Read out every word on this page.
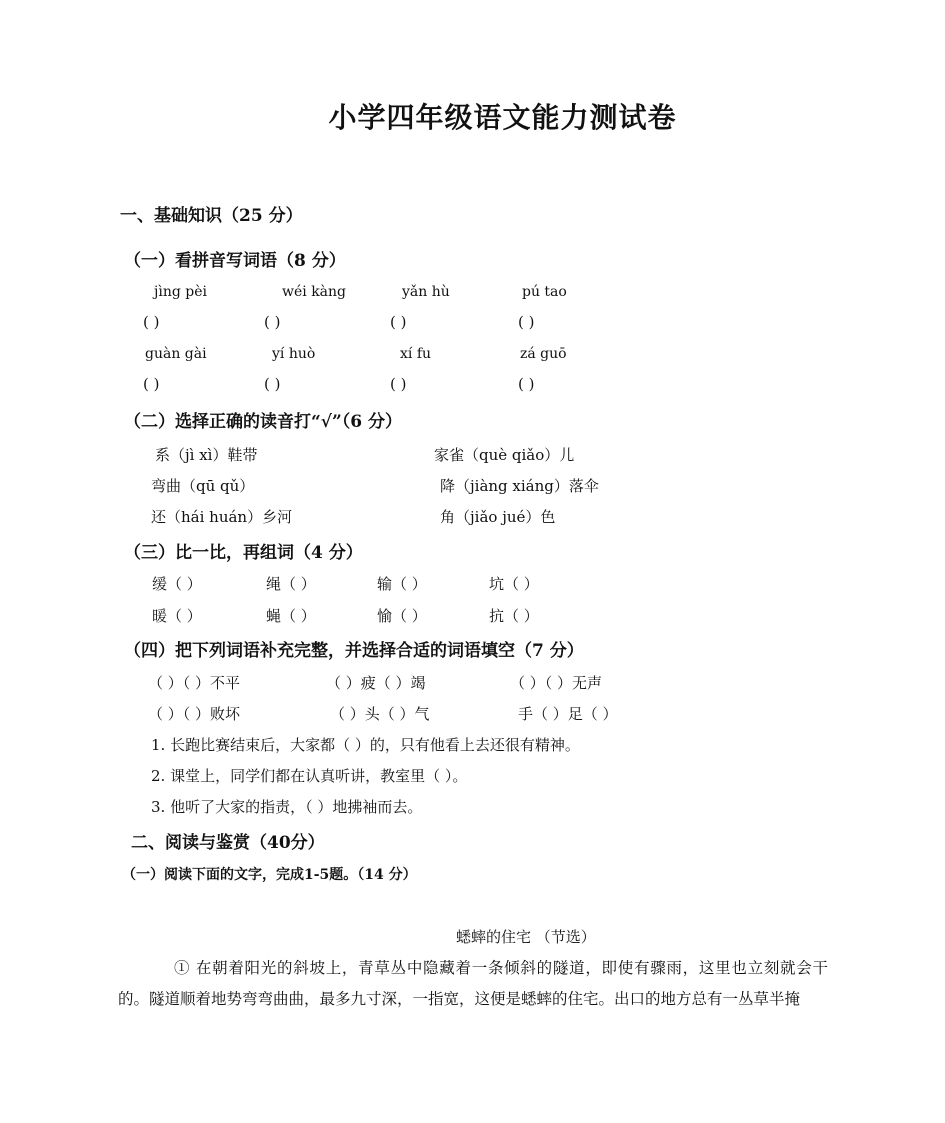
小学四年级语文能力测试卷
一、基础知识（25 分）
（一）看拼音写词语（8 分）
jìng pèi	wéi kàng	yǎn hù	pú tao
( )	( )	( )	( )
guàn gài	yí huò	xí fu	zá guō
( )	( )	( )	( )
（二）选择正确的读音打“√”（6 分）
系（jì xì）鞋带	家雀（què qiǎo）儿
弯曲（qū qǔ）	降（jiàng xiáng）落伞
还（hái huán）乡河	角（jiǎo jué）色
（三）比一比，再组词（4 分）
缓（ ）	绳（ ）	输（ ）	坑（ ）
暖（ ）	蝇（ ）	愉（ ）	抗（ ）
（四）把下列词语补充完整，并选择合适的词语填空（7 分）
（ ）（ ）不平	（ ）疲（ ）竭	（ ）（ ）无声
（ ）（ ）败坏	（ ）头（ ）气	手（ ）足（ ）
1. 长跑比赛结束后，大家都（ ）的，只有他看上去还很有精神。
2. 课堂上，同学们都在认真听讲，教室里（ ）。
3. 他听了大家的指责，（ ）地拂袖而去。
二、阅读与鉴赏（40分）
（一）阅读下面的文字，完成1-5题。（14 分）
蟋蟀的住宅 （节选）
① 在朝着阳光的斜坡上，青草丛中隐藏着一条倾斜的隧道，即使有骤雨，这里也立刻就会干的。隧道顺着地势弯弯曲曲，最多九寸深，一指宽，这便是蟋蟀的住宅。出口的地方总有一丛草半掩
